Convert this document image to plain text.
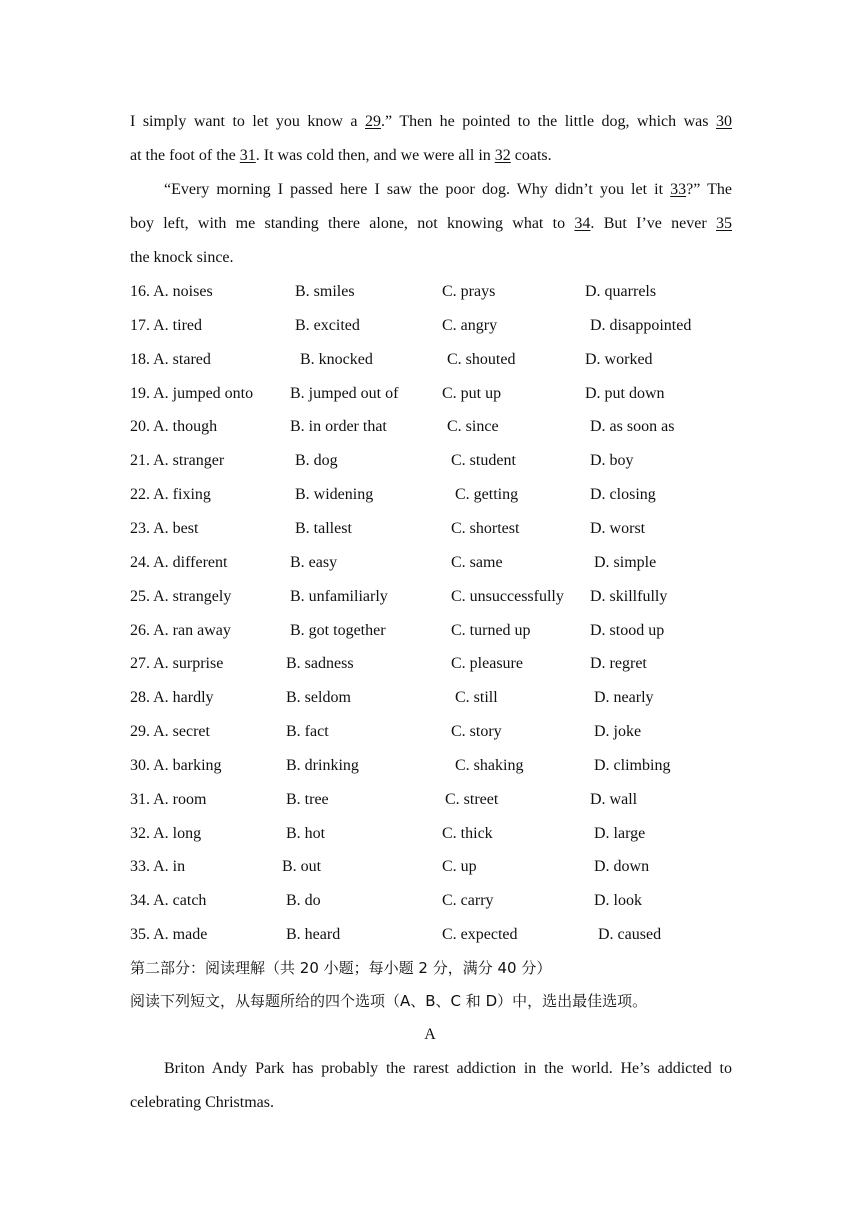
I simply want to let you know a 29.” Then he pointed to the little dog, which was 30
at the foot of the 31. It was cold then, and we were all in 32 coats.
“Every morning I passed here I saw the poor dog. Why didn’t you let it 33?” The
boy left, with me standing there alone, not knowing what to 34. But I’ve never 35
the knock since.
16. A. noises	B. smiles	C. prays	D. quarrels
17. A. tired	B. excited	C. angry	D. disappointed
18. A. stared	B. knocked	C. shouted	D. worked
19. A. jumped onto B. jumped out of	C. put up	D. put down
20. A. though	B. in order that	C. since	D. as soon as
21. A. stranger	B. dog	C. student	D. boy
22. A. fixing	B. widening	C. getting	D. closing
23. A. best	B. tallest	C. shortest	D. worst
24. A. different	B. easy	C. same	D. simple
25. A. strangely	B. unfamiliarly	C. unsuccessfully D. skillfully
26. A. ran away	B. got together	C. turned up	D. stood up
27. A. surprise	B. sadness	C. pleasure	D. regret
28. A. hardly	B. seldom	C. still	D. nearly
29. A. secret	B. fact	C. story	D. joke
30. A. barking	B. drinking	C. shaking	D. climbing
31. A. room	B. tree	C. street	D. wall
32. A. long	B. hot	C. thick	D. large
33. A. in	B. out	C. up	D. down
34. A. catch	B. do	C. carry	D. look
35. A. made	B. heard	C. expected	D. caused
第二部分：阅读理解（共 20 小题；每小题 2 分，满分 40 分）
阅读下列短文，从每题所给的四个选项（A、B、C 和 D）中，选出最佳选项。
A
Briton Andy Park has probably the rarest addiction in the world. He’s addicted to
celebrating Christmas.
